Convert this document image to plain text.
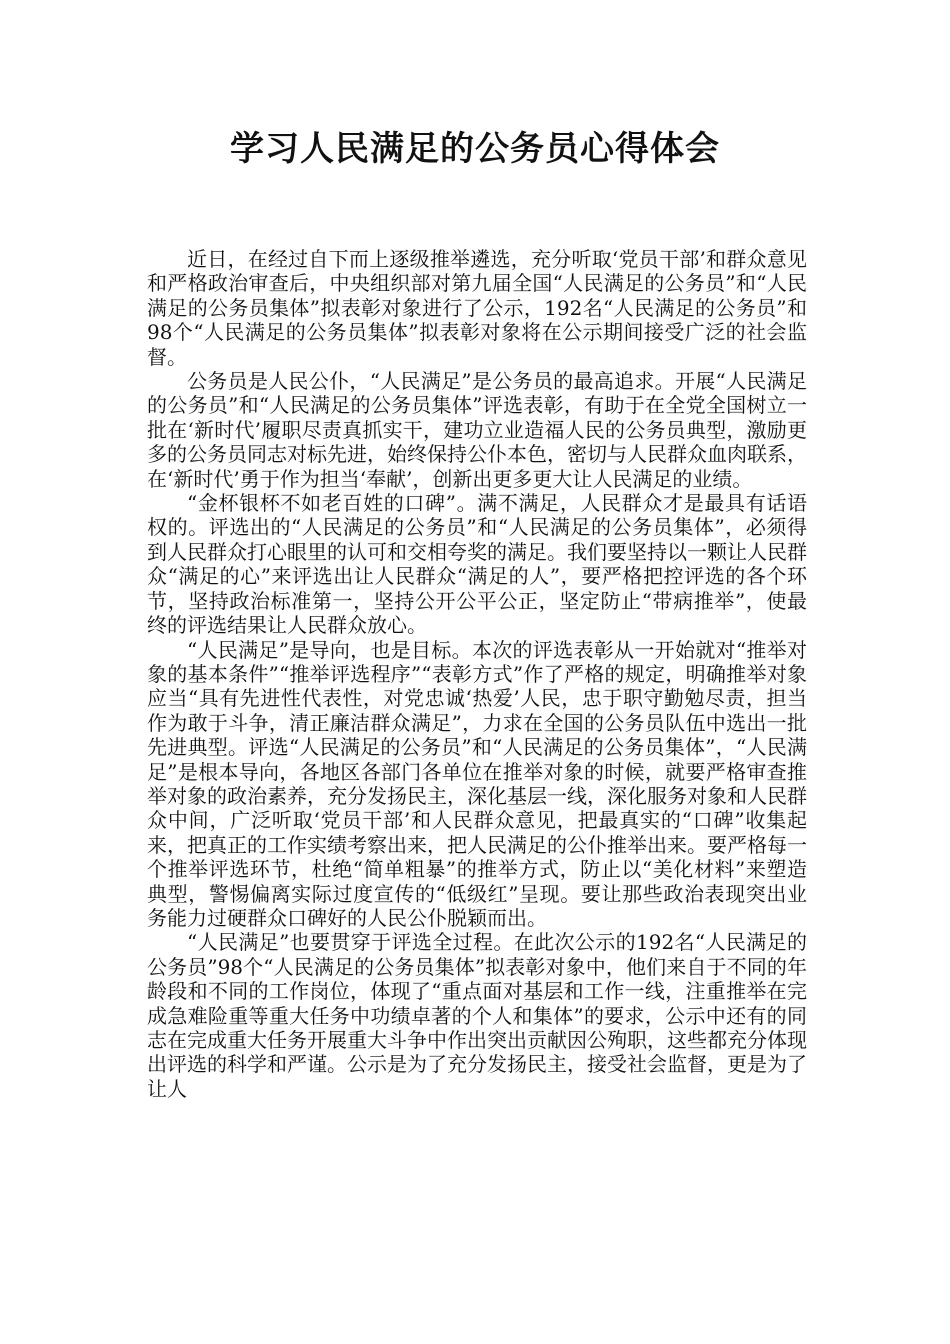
学习人民满足的公务员心得体会

近日，在经过自下而上逐级推举遴选，充分听取‘党员干部’和群众意见和严格政治审查后，中央组织部对第九届全国“人民满足的公务员”和“人民满足的公务员集体”拟表彰对象进行了公示，192名“人民满足的公务员”和98个“人民满足的公务员集体”拟表彰对象将在公示期间接受广泛的社会监督。

公务员是人民公仆，“人民满足”是公务员的最高追求。开展“人民满足的公务员”和“人民满足的公务员集体”评选表彰，有助于在全党全国树立一批在‘新时代’履职尽责真抓实干，建功立业造福人民的公务员典型，激励更多的公务员同志对标先进，始终保持公仆本色，密切与人民群众血肉联系，在‘新时代’勇于作为担当‘奉献’，创新出更多更大让人民满足的业绩。

“金杯银杯不如老百姓的口碑”。满不满足，人民群众才是最具有话语权的。评选出的“人民满足的公务员”和“人民满足的公务员集体”，必须得到人民群众打心眼里的认可和交相夸奖的满足。我们要坚持以一颗让人民群众“满足的心”来评选出让人民群众“满足的人”，要严格把控评选的各个环节，坚持政治标准第一，坚持公开公平公正，坚定防止“带病推举”，使最终的评选结果让人民群众放心。

“人民满足”是导向，也是目标。本次的评选表彰从一开始就对“推举对象的基本条件”“推举评选程序”“表彰方式”作了严格的规定，明确推举对象应当“具有先进性代表性，对党忠诚‘热爱’人民，忠于职守勤勉尽责，担当作为敢于斗争，清正廉洁群众满足”，力求在全国的公务员队伍中选出一批先进典型。评选“人民满足的公务员”和“人民满足的公务员集体”，“人民满足”是根本导向，各地区各部门各单位在推举对象的时候，就要严格审查推举对象的政治素养，充分发扬民主，深化基层一线，深化服务对象和人民群众中间，广泛听取‘党员干部’和人民群众意见，把最真实的“口碑”收集起来，把真正的工作实绩考察出来，把人民满足的公仆推举出来。要严格每一个推举评选环节，杜绝“简单粗暴”的推举方式，防止以“美化材料”来塑造典型，警惕偏离实际过度宣传的“低级红”呈现。要让那些政治表现突出业务能力过硬群众口碑好的人民公仆脱颖而出。

“人民满足”也要贯穿于评选全过程。在此次公示的192名“人民满足的公务员”98个“人民满足的公务员集体”拟表彰对象中，他们来自于不同的年龄段和不同的工作岗位，体现了“重点面对基层和工作一线，注重推举在完成急难险重等重大任务中功绩卓著的个人和集体”的要求，公示中还有的同志在完成重大任务开展重大斗争中作出突出贡献因公殉职，这些都充分体现出评选的科学和严谨。公示是为了充分发扬民主，接受社会监督，更是为了让人
